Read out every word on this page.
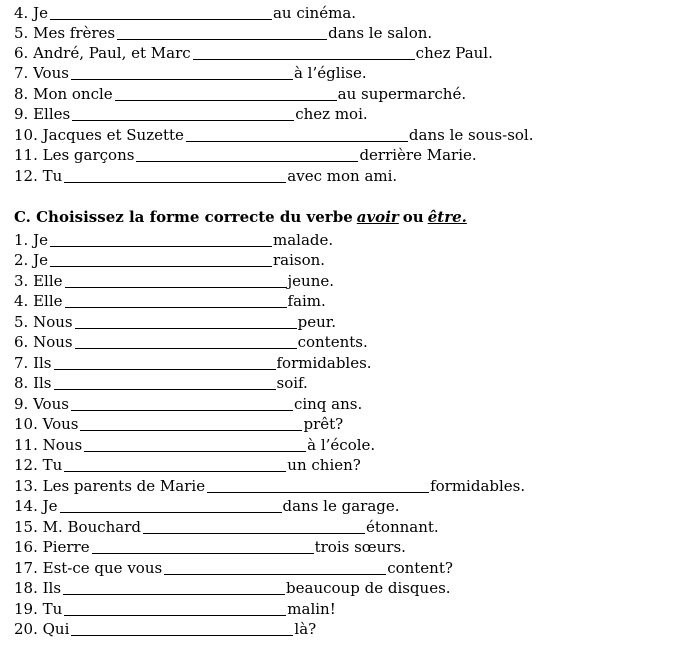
4. Je	au cinéma.
5. Mes frères	dans le salon.
6. André, Paul, et Marc	chez Paul.
7. Vous	à l’église.
8. Mon oncle	au supermarché.
9. Elles	chez moi.
10. Jacques et Suzette	dans le sous-sol.
11. Les garçons	derrière Marie.
12. Tu	avec mon ami.
C. Choisissez la forme correcte du verbe avoir ou être.
1. Je	malade.
2. Je	raison.
3. Elle	jeune.
4. Elle	faim.
5. Nous	peur.
6. Nous	contents.
7. Ils	formidables.
8. Ils	soif.
9. Vous	cinq ans.
10. Vous	prêt?
11. Nous	à l’école.
12. Tu	un chien?
13. Les parents de Marie	formidables.
14. Je	dans le garage.
15. M. Bouchard	étonnant.
16. Pierre	trois sœurs.
17. Est-ce que vous	content?
18. Ils	beaucoup de disques.
19. Tu	malin!
20. Qui	là?
